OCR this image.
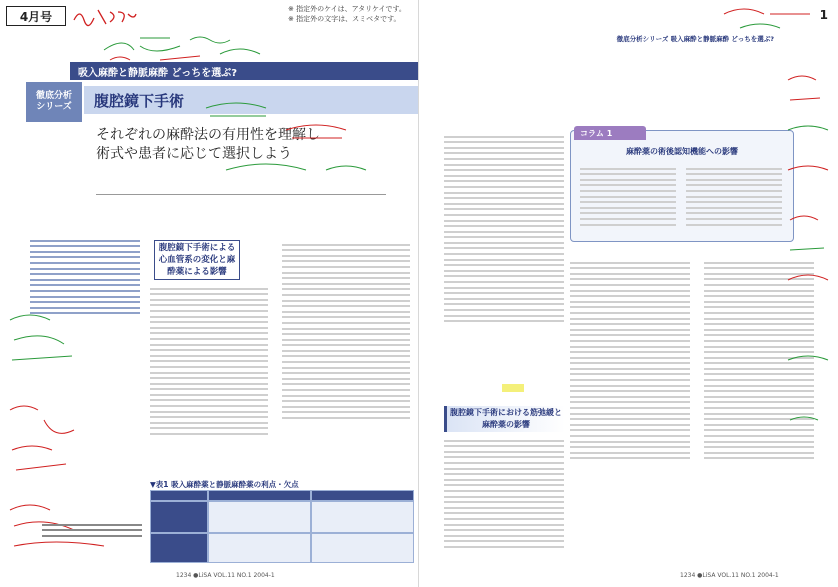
4月号
※ 指定外のケイは、アタリケイです。
※ 指定外の文字は、スミベタです。
吸入麻酔と静脈麻酔 どっちを選ぶ?
徹底分析
シリーズ	腹腔鏡下手術
それぞれの麻酔法の有用性を理解し
術式や患者に応じて選択しよう
腹腔鏡下手術による心血管系の変化と麻酔薬による影響
▼表1 吸入麻酔薬と静脈麻酔薬の利点・欠点
1234 ●LiSA VOL.11 NO.1 2004-1
1
徹底分析シリーズ 吸入麻酔と静脈麻酔 どっちを選ぶ?
腹腔鏡下手術における筋弛緩と麻酔薬の影響
コラム 1
麻酔薬の術後認知機能への影響
1234 ●LiSA VOL.11 NO.1 2004-1
